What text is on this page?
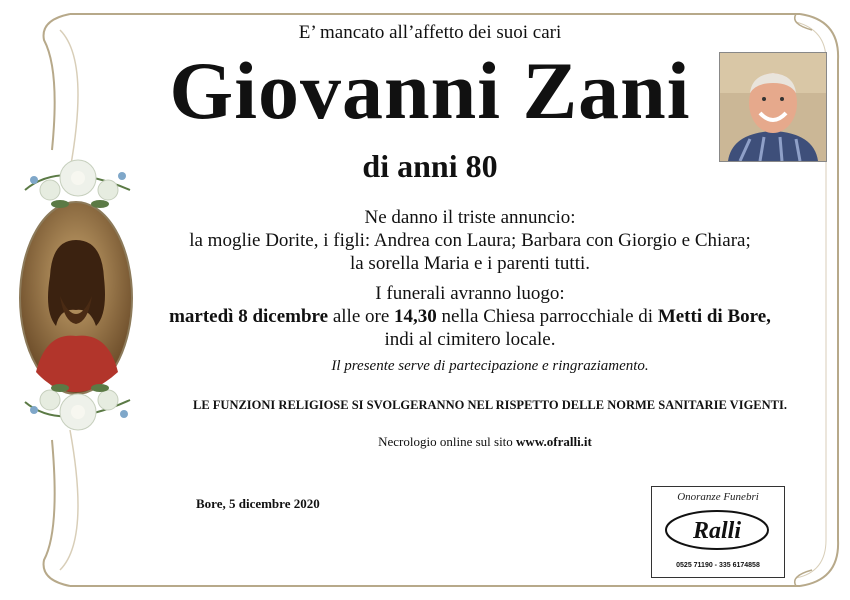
E’ mancato all’affetto dei suoi cari
Giovanni Zani
di anni 80
Ne danno il triste annuncio:
la moglie Dorite, i figli: Andrea con Laura; Barbara con Giorgio e Chiara;
la sorella Maria e i parenti tutti.
I funerali avranno luogo:
martedì 8 dicembre alle ore 14,30 nella Chiesa parrocchiale di Metti di Bore,
indi al cimitero locale.
Il presente serve di partecipazione e ringraziamento.
LE FUNZIONI RELIGIOSE SI SVOLGERANNO NEL RISPETTO DELLE NORME SANITARIE VIGENTI.
Necrologio online sul sito www.ofralli.it
Bore, 5 dicembre 2020	Onoranze Funebri
Ralli
0525 71190 - 335 6174858
